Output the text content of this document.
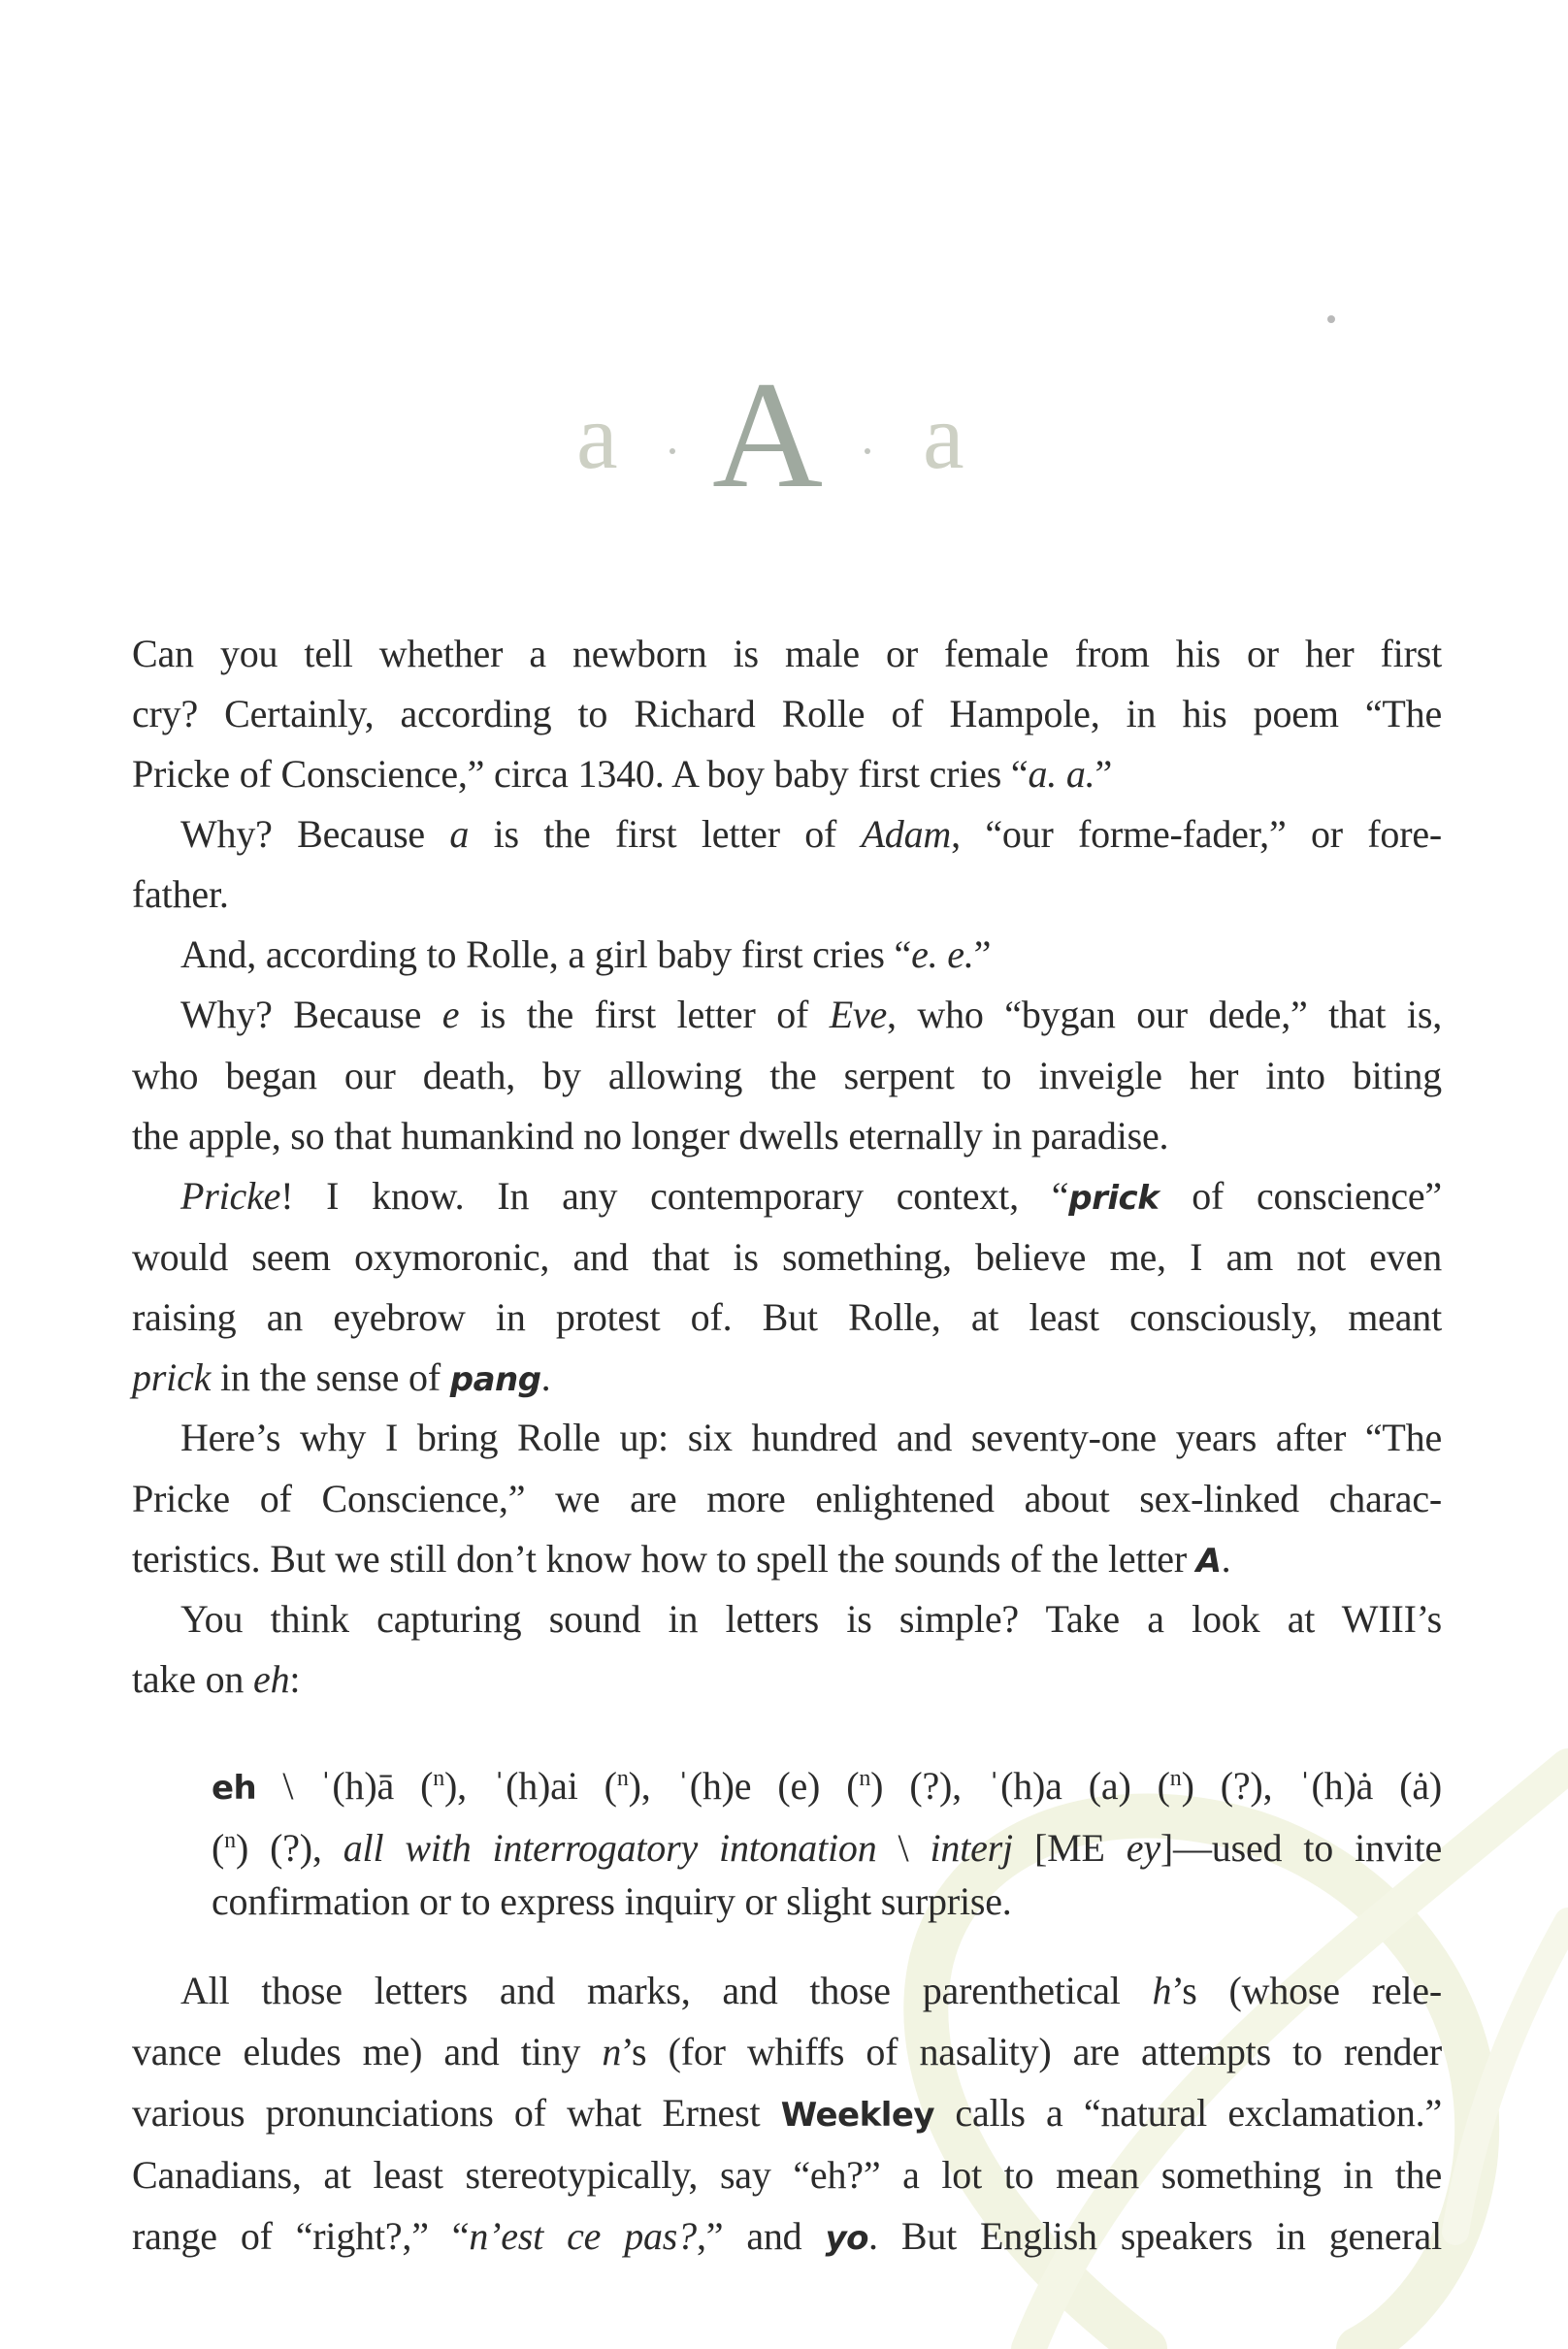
a A a
Can you tell whether a newborn is male or female from his or her first
cry? Certainly, according to Richard Rolle of Hampole, in his poem “The
Pricke of Conscience,” circa 1340. A boy baby first cries “a. a.”
Why? Because a is the first letter of Adam, “our forme-fader,” or fore-
father.
And, according to Rolle, a girl baby first cries “e. e.”
Why? Because e is the first letter of Eve, who “bygan our dede,” that is,
who began our death, by allowing the serpent to inveigle her into biting
the apple, so that humankind no longer dwells eternally in paradise.
Pricke! I know. In any contemporary context, “prick of conscience”
would seem oxymoronic, and that is something, believe me, I am not even
raising an eyebrow in protest of. But Rolle, at least consciously, meant
prick in the sense of pang.
Here’s why I bring Rolle up: six hundred and seventy-one years after “The
Pricke of Conscience,” we are more enlightened about sex-linked charac-
teristics. But we still don’t know how to spell the sounds of the letter A.
You think capturing sound in letters is simple? Take a look at WIII’s
take on eh:
eh \ ˈ(h)ā ($^n$), ˈ(h)ai ($^n$), ˈ(h)e (e) ($^n$) (?), ˈ(h)a (a) ($^n$) (?), ˈ(h)ȧ (ȧ)
($^n$) (?), all with interrogatory intonation \ interj [ME ey]—used to invite
confirmation or to express inquiry or slight surprise.
All those letters and marks, and those parenthetical h’s (whose rele-
vance eludes me) and tiny n’s (for whiffs of nasality) are attempts to render
various pronunciations of what Ernest Weekley calls a “natural exclamation.”
Canadians, at least stereotypically, say “eh?” a lot to mean something in the
range of “right?,” “n’est ce pas?,” and yo. But English speakers in general
